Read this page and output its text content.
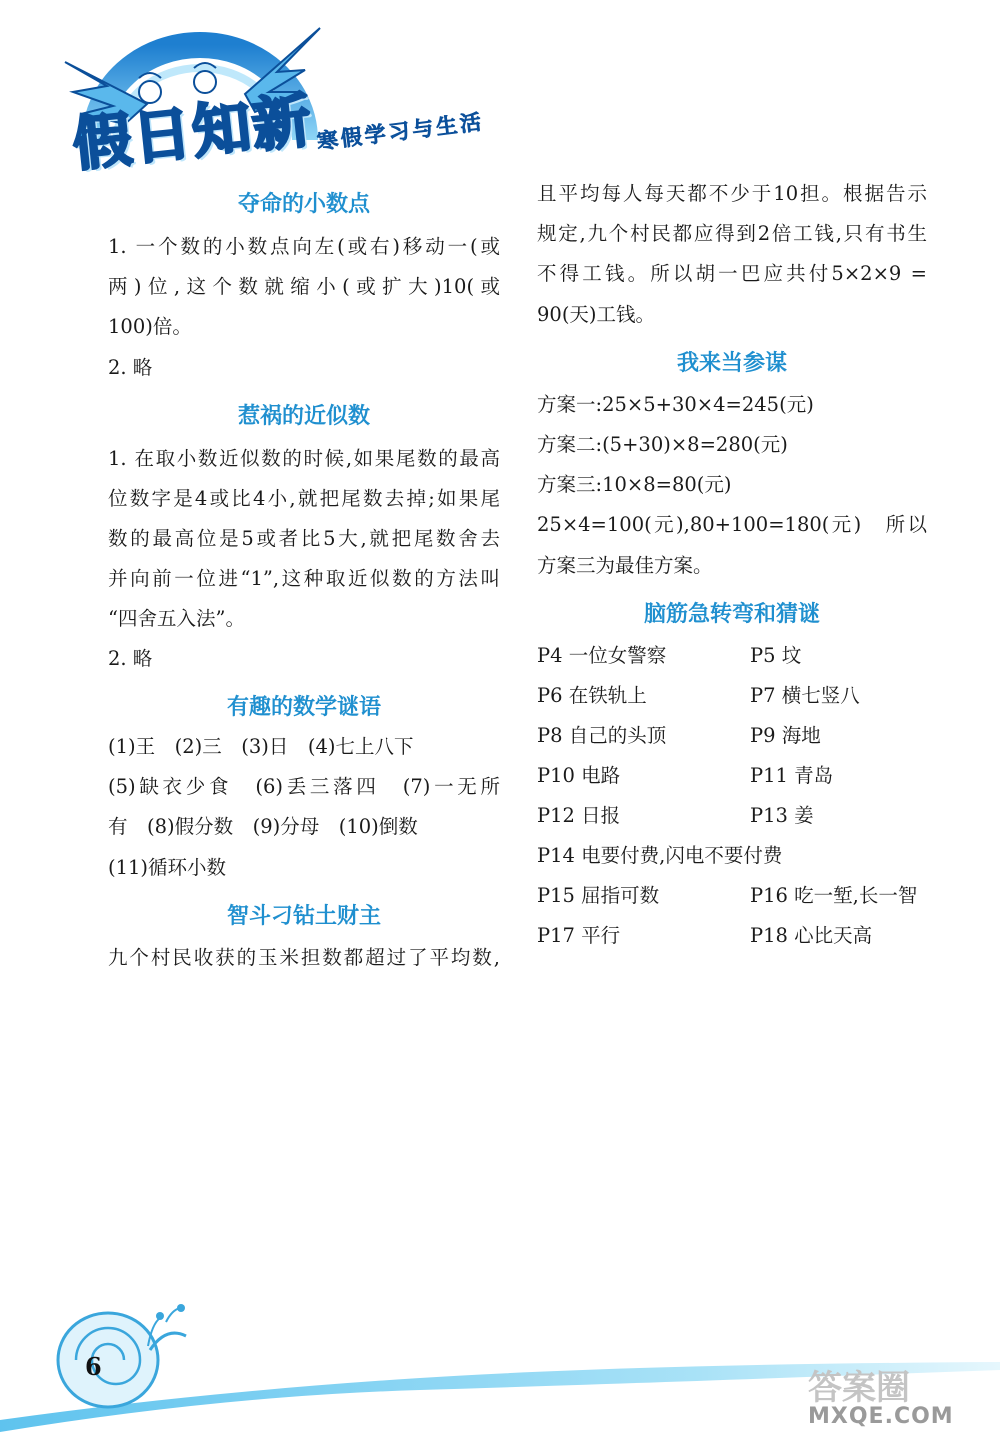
假日知新 寒假学习与生活
夺命的小数点
1. 一个数的小数点向左(或右)移动一(或
两)位,这个数就缩小(或扩大)10(或
100)倍。
2. 略
惹祸的近似数
1. 在取小数近似数的时候,如果尾数的最高
位数字是4或比4小,就把尾数去掉;如果尾
数的最高位是5或者比5大,就把尾数舍去
并向前一位进“1”,这种取近似数的方法叫
“四舍五入法”。
2. 略
有趣的数学谜语
(1)王　(2)三　(3)日　(4)七上八下
(5)缺衣少食　(6)丢三落四　(7)一无所
有　(8)假分数　(9)分母　(10)倒数
(11)循环小数
智斗刁钻土财主
九个村民收获的玉米担数都超过了平均数,
且平均每人每天都不少于10担。根据告示
规定,九个村民都应得到2倍工钱,只有书生
不得工钱。所以胡一巴应共付5×2×9 =
90(天)工钱。
我来当参谋
方案一:25×5+30×4=245(元)
方案二:(5+30)×8=280(元)
方案三:10×8=80(元)
25×4=100(元),80+100=180(元)　所以
方案三为最佳方案。
脑筋急转弯和猜谜
P4 一位女警察	P5 坟
P6 在铁轨上	P7 横七竖八
P8 自己的头顶	P9 海地
P10 电路	P11 青岛
P12 日报	P13 姜
P14 电要付费,闪电不要付费
P15 屈指可数	P16 吃一堑,长一智
P17 平行	P18 心比天高
6
答案圈
MXQE.COM
